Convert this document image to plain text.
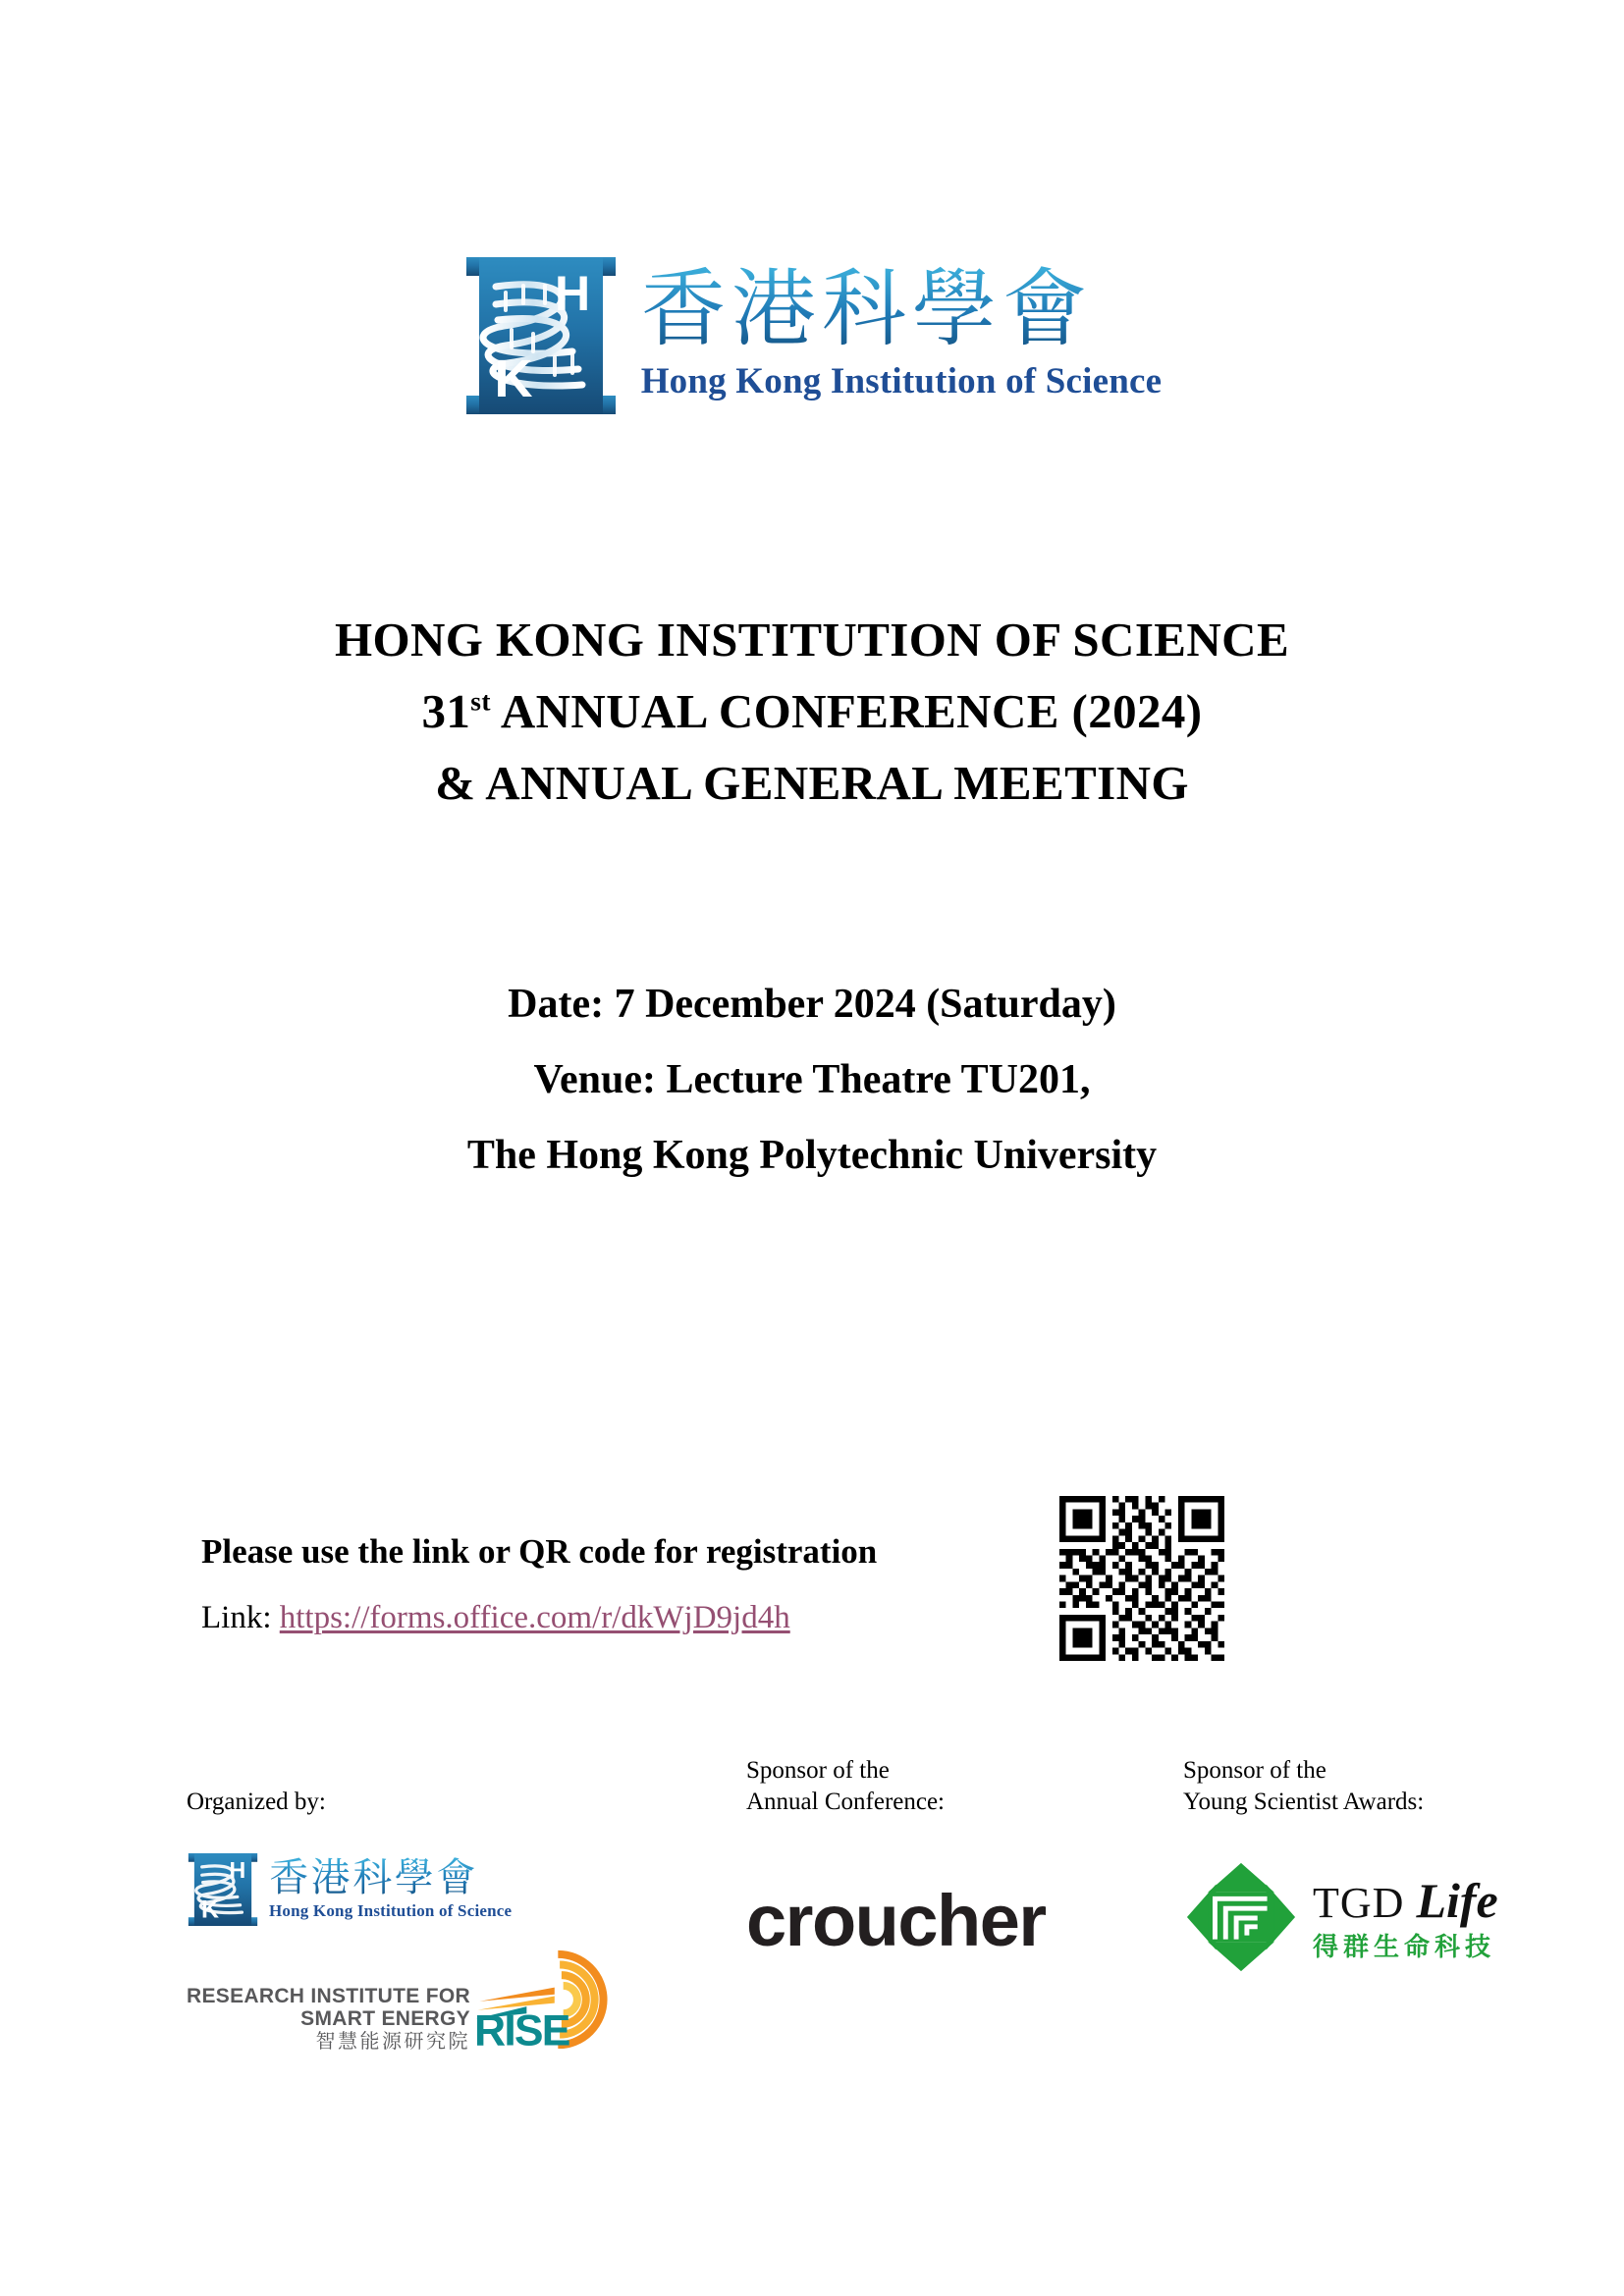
H
K
香港科學會
Hong Kong Institution of Science
HONG KONG INSTITUTION OF SCIENCE
31st ANNUAL CONFERENCE (2024)
& ANNUAL GENERAL MEETING
Date: 7 December 2024 (Saturday)
Venue: Lecture Theatre TU201,
The Hong Kong Polytechnic University
Please use the link or QR code for registration
Link: https://forms.office.com/r/dkWjD9jd4h
Organized by:
H
K
香港科學會
Hong Kong Institution of Science
RESEARCH INSTITUTE FOR
SMART ENERGY
智慧能源研究院 RISE
Sponsor of the
Annual Conference:
croucher
Sponsor of the
Young Scientist Awards:
TGD Life
得群生命科技
